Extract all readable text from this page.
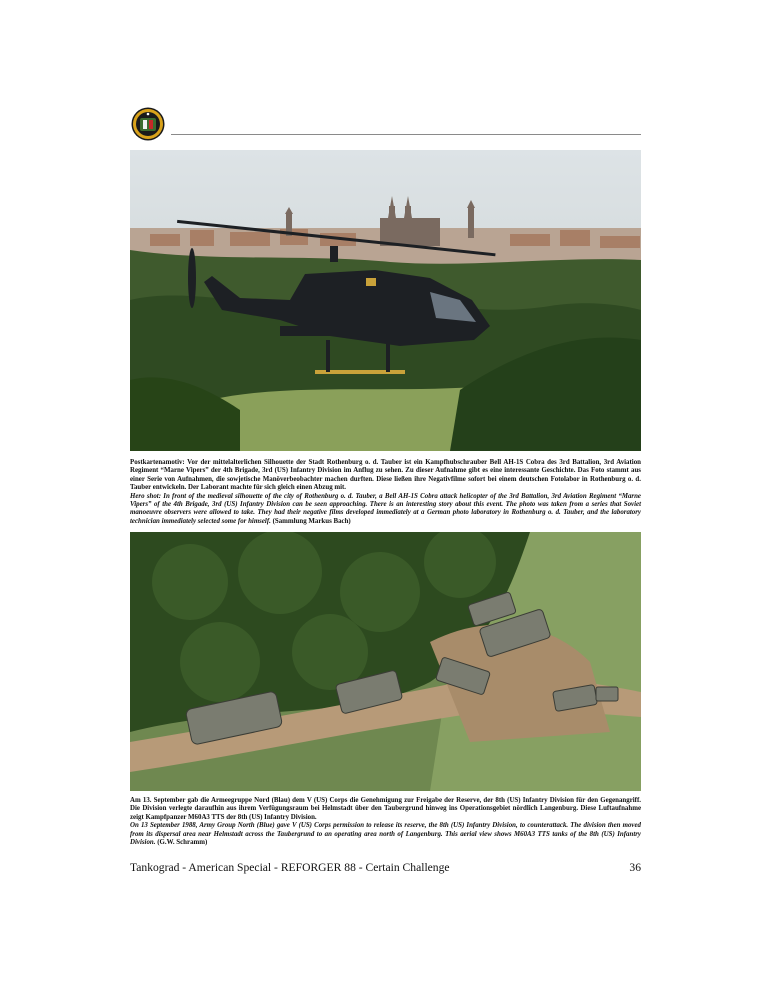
Postkartenamotiv: Vor der mittelalterlichen Silhouette der Stadt Rothenburg o. d. Tauber ist ein Kampfhubschrauber Bell AH-1S Cobra des 3rd Battalion, 3rd Aviation Regiment “Marne Vipers” der 4th Brigade, 3rd (US) Infantry Division im Anflug zu sehen. Zu dieser Aufnahme gibt es eine interessante Geschichte. Das Foto stammt aus einer Serie von Aufnahmen, die sowjetische Manöverbeobachter machen durften. Diese ließen ihre Negativfilme sofort bei einem deutschen Fotolabor in Rothenburg o. d. Tauber entwickeln. Der Laborant machte für sich gleich einen Abzug mit.

Hero shot: In front of the medieval silhouette of the city of Rothenburg o. d. Tauber, a Bell AH-1S Cobra attack helicopter of the 3rd Battalion, 3rd Aviation Regiment “Marne Vipers” of the 4th Brigade, 3rd (US) Infantry Division can be seen approaching. There is an interesting story about this event. The photo was taken from a series that Soviet manoeuvre observers were allowed to take. They had their negative films developed immediately at a German photo laboratory in Rothenburg o. d. Tauber, and the laboratory technician immediately selected some for himself. (Sammlung Markus Bach)

Am 13. September gab die Armeegruppe Nord (Blau) dem V (US) Corps die Genehmigung zur Freigabe der Reserve, der 8th (US) Infantry Division für den Gegenangriff. Die Division verlegte daraufhin aus ihrem Verfügungsraum bei Helmstadt über den Taubergrund hinweg ins Operationsgebiet nördlich Langenburg. Diese Luftaufnahme zeigt Kampfpanzer M60A3 TTS der 8th (US) Infantry Division.

On 13 September 1988, Army Group North (Blue) gave V (US) Corps permission to release its reserve, the 8th (US) Infantry Division, to counterattack. The division then moved from its dispersal area near Helmstadt across the Taubergrund to an operating area north of Langenburg. This aerial view shows M60A3 TTS tanks of the 8th (US) Infantry Division. (G.W. Schramm)

Tankograd - American Special - REFORGER 88 - Certain Challenge	36
